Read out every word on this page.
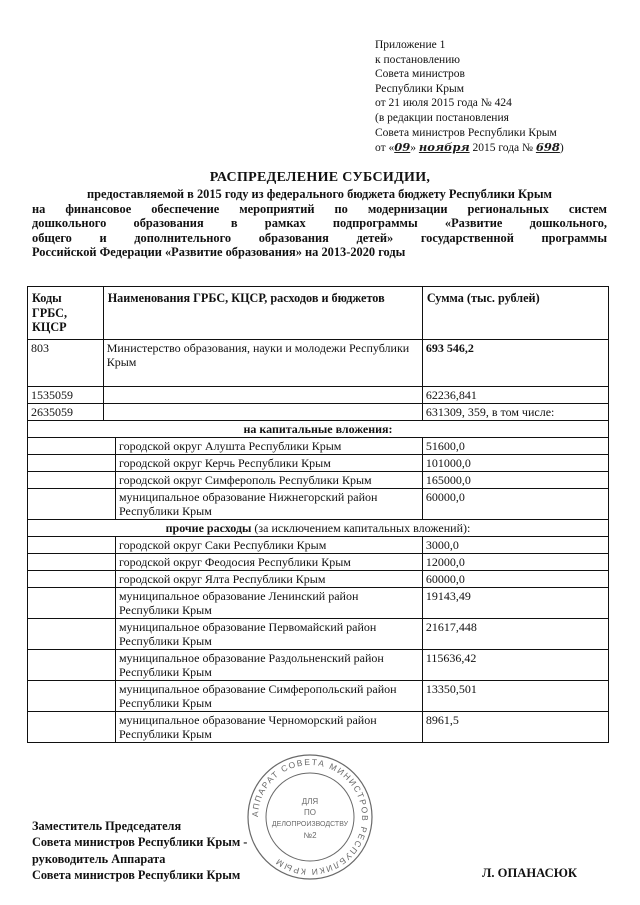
Приложение 1
к постановлению
Совета министров
Республики Крым
от 21 июля 2015 года № 424
(в редакции постановления
Совета министров Республики Крым
от «09» ноября 2015 года № 698)
РАСПРЕДЕЛЕНИЕ СУБСИДИИ,
предоставляемой в 2015 году из федерального бюджета бюджету Республики Крым
на финансовое обеспечение мероприятий по модернизации региональных систем
дошкольного образования в рамках подпрограммы «Развитие дошкольного,
общего и дополнительного образования детей» государственной программы
Российской Федерации «Развитие образования» на 2013-2020 годы
Коды ГРБС, КЦСР	Наименования ГРБС, КЦСР, расходов и бюджетов		Сумма (тыс. рублей)
803	Министерство образования, науки и молодежи Республики Крым		693 546,2
1535059			62236,841
2635059			631309, 359, в том числе:
на капитальные вложения:			
		городской округ Алушта Республики Крым	51600,0
		городской округ Керчь Республики Крым	101000,0
		городской округ Симферополь Республики Крым	165000,0
		муниципальное образование Нижнегорский район Республики Крым	60000,0
прочие расходы (за исключением капитальных вложений):			
		городской округ Саки Республики Крым	3000,0
		городской округ Феодосия Республики Крым	12000,0
		городской округ Ялта Республики Крым	60000,0
		муниципальное образование Ленинский район Республики Крым	19143,49
		муниципальное образование Первомайский район Республики Крым	21617,448
		муниципальное образование Раздольненский район Республики Крым	115636,42
		муниципальное образование Симферопольский район Республики Крым	13350,501
		муниципальное образование Черноморский район Республики Крым	8961,5
Заместитель Председателя
Совета министров Республики Крым -
руководитель Аппарата
Совета министров Республики Крым	Л. ОПАНАСЮК
АППАРАТ СОВЕТА МИНИСТРОВ РЕСПУБЛИКИ КРЫМ
ДЛЯ
ПО
ДЕЛОПРОИЗВОДСТВУ
№2
